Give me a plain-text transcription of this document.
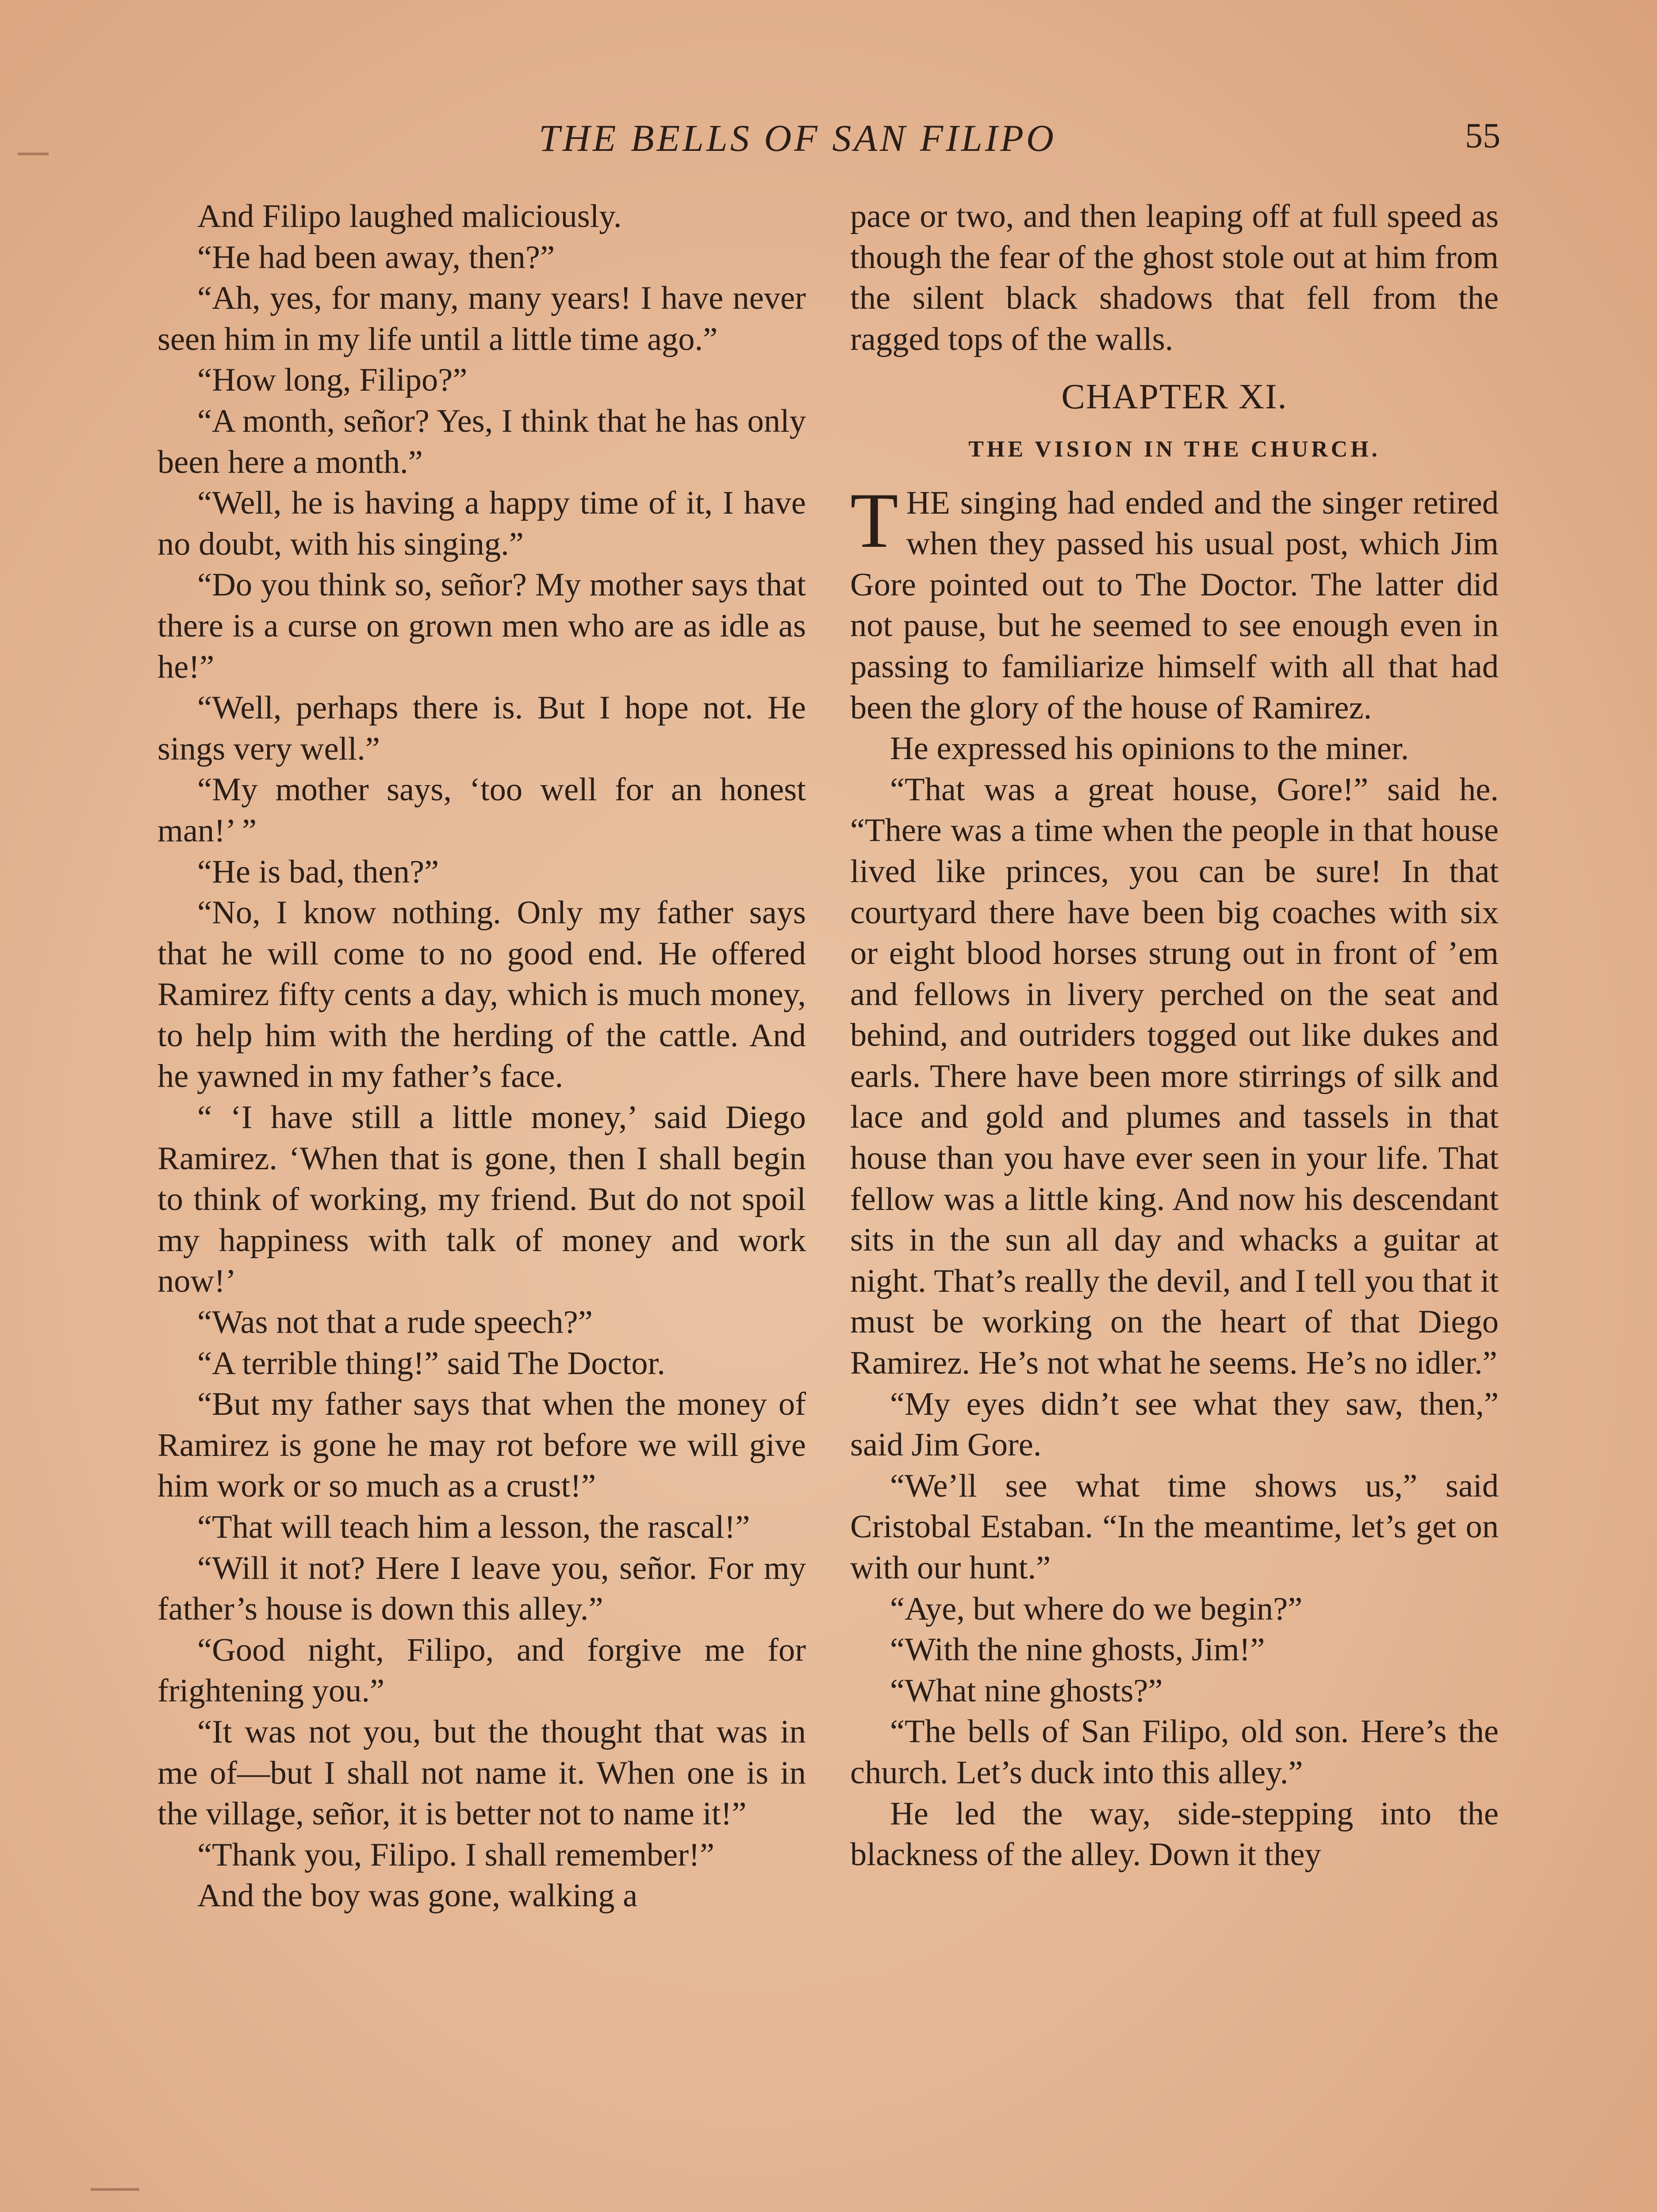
THE BELLS OF SAN FILIPO	55

And Filipo laughed maliciously.

“He had been away, then?”

“Ah, yes, for many, many years! I have never seen him in my life until a little time ago.”

“How long, Filipo?”

“A month, señor? Yes, I think that he has only been here a month.”

“Well, he is having a happy time of it, I have no doubt, with his singing.”

“Do you think so, señor? My mother says that there is a curse on grown men who are as idle as he!”

“Well, perhaps there is. But I hope not. He sings very well.”

“My mother says, ‘too well for an honest man!’ ”

“He is bad, then?”

“No, I know nothing. Only my father says that he will come to no good end. He offered Ramirez fifty cents a day, which is much money, to help him with the herding of the cattle. And he yawned in my father’s face.

“ ‘I have still a little money,’ said Diego Ramirez. ‘When that is gone, then I shall begin to think of working, my friend. But do not spoil my happiness with talk of money and work now!’

“Was not that a rude speech?”

“A terrible thing!” said The Doctor.

“But my father says that when the money of Ramirez is gone he may rot before we will give him work or so much as a crust!”

“That will teach him a lesson, the rascal!”

“Will it not? Here I leave you, señor. For my father’s house is down this alley.”

“Good night, Filipo, and forgive me for frightening you.”

“It was not you, but the thought that was in me of—but I shall not name it. When one is in the village, señor, it is better not to name it!”

“Thank you, Filipo. I shall remember!”

And the boy was gone, walking a

pace or two, and then leaping off at full speed as though the fear of the ghost stole out at him from the silent black shadows that fell from the ragged tops of the walls.

CHAPTER XI.
THE VISION IN THE CHURCH.

THE singing had ended and the singer retired when they passed his usual post, which Jim Gore pointed out to The Doctor. The latter did not pause, but he seemed to see enough even in passing to familiarize himself with all that had been the glory of the house of Ramirez.

He expressed his opinions to the miner.

“That was a great house, Gore!” said he. “There was a time when the people in that house lived like princes, you can be sure! In that courtyard there have been big coaches with six or eight blood horses strung out in front of ’em and fellows in livery perched on the seat and behind, and outriders togged out like dukes and earls. There have been more stirrings of silk and lace and gold and plumes and tassels in that house than you have ever seen in your life. That fellow was a little king. And now his descendant sits in the sun all day and whacks a guitar at night. That’s really the devil, and I tell you that it must be working on the heart of that Diego Ramirez. He’s not what he seems. He’s no idler.”

“My eyes didn’t see what they saw, then,” said Jim Gore.

“We’ll see what time shows us,” said Cristobal Estaban. “In the meantime, let’s get on with our hunt.”

“Aye, but where do we begin?”

“With the nine ghosts, Jim!”

“What nine ghosts?”

“The bells of San Filipo, old son. Here’s the church. Let’s duck into this alley.”

He led the way, side-stepping into the blackness of the alley. Down it they
